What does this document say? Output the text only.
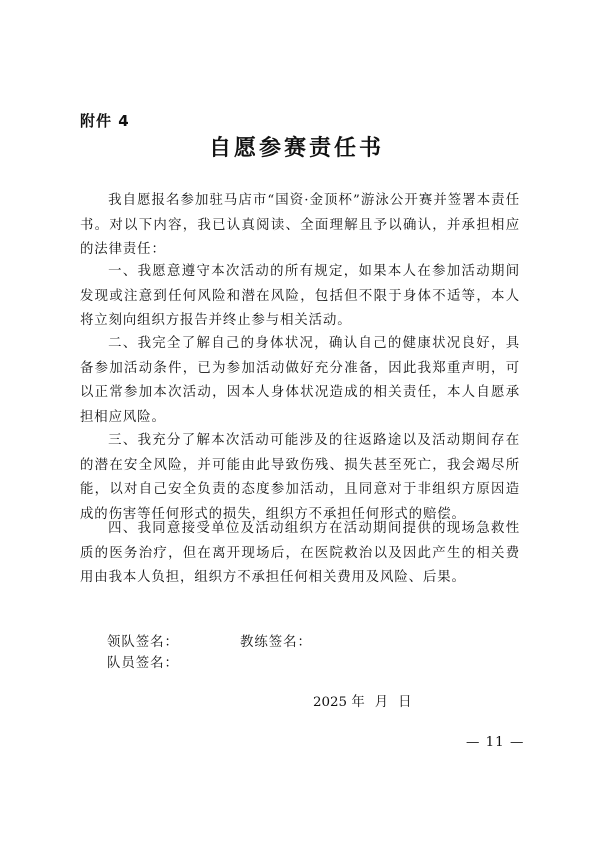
附件 4
自愿参赛责任书

我自愿报名参加驻马店市“国资·金顶杯”游泳公开赛并签署本责任书。对以下内容，我已认真阅读、全面理解且予以确认，并承担相应的法律责任：

一、我愿意遵守本次活动的所有规定，如果本人在参加活动期间发现或注意到任何风险和潜在风险，包括但不限于身体不适等，本人将立刻向组织方报告并终止参与相关活动。

二、我完全了解自己的身体状况，确认自己的健康状况良好，具备参加活动条件，已为参加活动做好充分准备，因此我郑重声明，可以正常参加本次活动，因本人身体状况造成的相关责任，本人自愿承担相应风险。

三、我充分了解本次活动可能涉及的往返路途以及活动期间存在的潜在安全风险，并可能由此导致伤残、损失甚至死亡，我会竭尽所能，以对自己安全负责的态度参加活动，且同意对于非组织方原因造成的伤害等任何形式的损失，组织方不承担任何形式的赔偿。

四、我同意接受单位及活动组织方在活动期间提供的现场急救性质的医务治疗，但在离开现场后，在医院救治以及因此产生的相关费用由我本人负担，组织方不承担任何相关费用及风险、后果。

领队签名：	教练签名：
队员签名：
2025 年 月 日
— 11 —
